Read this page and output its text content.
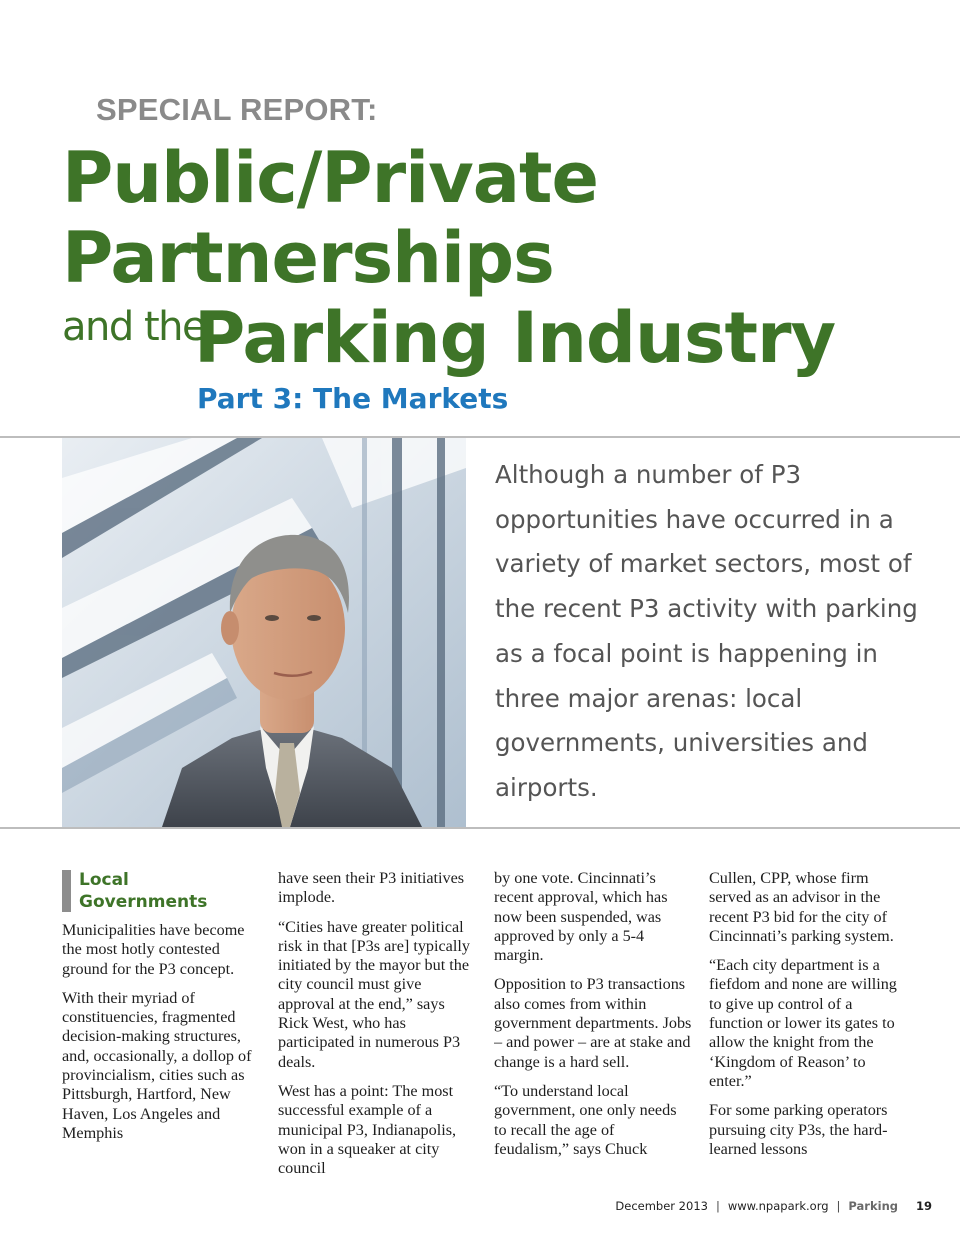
SPECIAL REPORT:

Public/Private
Partnerships
and the
Parking Industry
Part 3: The Markets

Although a number of P3 opportunities have occurred in a variety of market sectors, most of the recent P3 activity with parking as a focal point is happening in three major arenas: local governments, universities and airports.

Local
Governments

Municipalities have become the most hotly contested ground for the P3 concept.

With their myriad of constituencies, fragmented decision-making structures, and, occasionally, a dollop of provincialism, cities such as Pittsburgh, Hartford, New Haven, Los Angeles and Memphis

have seen their P3 initiatives implode.

“Cities have greater political risk in that [P3s are] typically initiated by the mayor but the city council must give approval at the end,” says Rick West, who has participated in numerous P3 deals.

West has a point: The most successful example of a municipal P3, Indianapolis, won in a squeaker at city council

by one vote. Cincinnati’s recent approval, which has now been suspended, was approved by only a 5-4 margin.

Opposition to P3 transactions also comes from within government departments. Jobs – and power – are at stake and change is a hard sell.

“To understand local government, one only needs to recall the age of feudalism,” says Chuck

Cullen, CPP, whose firm served as an advisor in the recent P3 bid for the city of Cincinnati’s parking system.

“Each city department is a fiefdom and none are willing to give up control of a function or lower its gates to allow the knight from the ‘Kingdom of Reason’ to enter.”

For some parking operators pursuing city P3s, the hard-learned lessons

December 2013 | www.npapark.org | Parking 19
